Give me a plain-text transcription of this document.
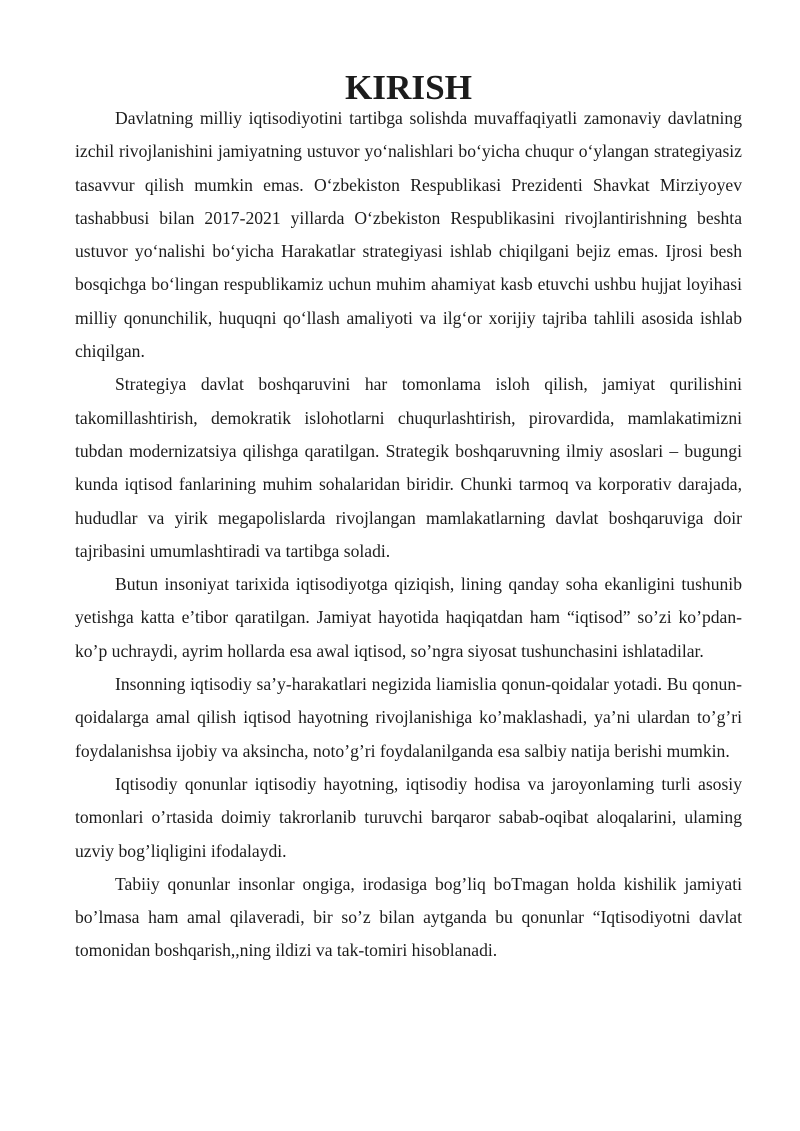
KIRISH

Davlatning milliy iqtisodiyotini tartibga solishda muvaffaqiyatli zamonaviy davlatning izchil rivojlanishini jamiyatning ustuvor yo‘nalishlari bo‘yicha chuqur o‘ylangan strategiyasiz tasavvur qilish mumkin emas. O‘zbekiston Respublikasi Prezidenti Shavkat Mirziyoyev tashabbusi bilan 2017-2021 yillarda O‘zbekiston Respublikasini rivojlantirishning beshta ustuvor yo‘nalishi bo‘yicha Harakatlar strategiyasi ishlab chiqilgani bejiz emas. Ijrosi besh bosqichga bo‘lingan respublikamiz uchun muhim ahamiyat kasb etuvchi ushbu hujjat loyihasi milliy qonunchilik, huquqni qo‘llash amaliyoti va ilg‘or xorijiy tajriba tahlili asosida ishlab chiqilgan.

Strategiya davlat boshqaruvini har tomonlama isloh qilish, jamiyat qurilishini takomillashtirish, demokratik islohotlarni chuqurlashtirish, pirovardida, mamlakatimizni tubdan modernizatsiya qilishga qaratilgan. Strategik boshqaruvning ilmiy asoslari – bugungi kunda iqtisod fanlarining muhim sohalaridan biridir. Chunki tarmoq va korporativ darajada, hududlar va yirik megapolislarda rivojlangan mamlakatlarning davlat boshqaruviga doir tajribasini umumlashtiradi va tartibga soladi.

Butun insoniyat tarixida iqtisodiyotga qiziqish, lining qanday soha ekanligini tushunib yetishga katta e’tibor qaratilgan. Jamiyat hayotida haqiqatdan ham “iqtisod” so’zi ko’pdan-ko’p uchraydi, ayrim hollarda esa awal iqtisod, so’ngra siyosat tushunchasini ishlatadilar.

Insonning iqtisodiy sa’y-harakatlari negizida liamislia qonun-qoidalar yotadi. Bu qonun-qoidalarga amal qilish iqtisod hayotning rivojlanishiga ko’maklashadi, ya’ni ulardan to’g’ri foydalanishsa ijobiy va aksincha, noto’g’ri foydalanilganda esa salbiy natija berishi mumkin.

Iqtisodiy qonunlar iqtisodiy hayotning, iqtisodiy hodisa va jaroyonlaming turli asosiy tomonlari o’rtasida doimiy takrorlanib turuvchi barqaror sabab-oqibat aloqalarini, ulaming uzviy bog’liqligini ifodalaydi.

Tabiiy qonunlar insonlar ongiga, irodasiga bog’liq boTmagan holda kishilik jamiyati bo’lmasa ham amal qilaveradi, bir so’z bilan aytganda bu qonunlar “Iqtisodiyotni davlat tomonidan boshqarish,,ning ildizi va tak-tomiri hisoblanadi.
